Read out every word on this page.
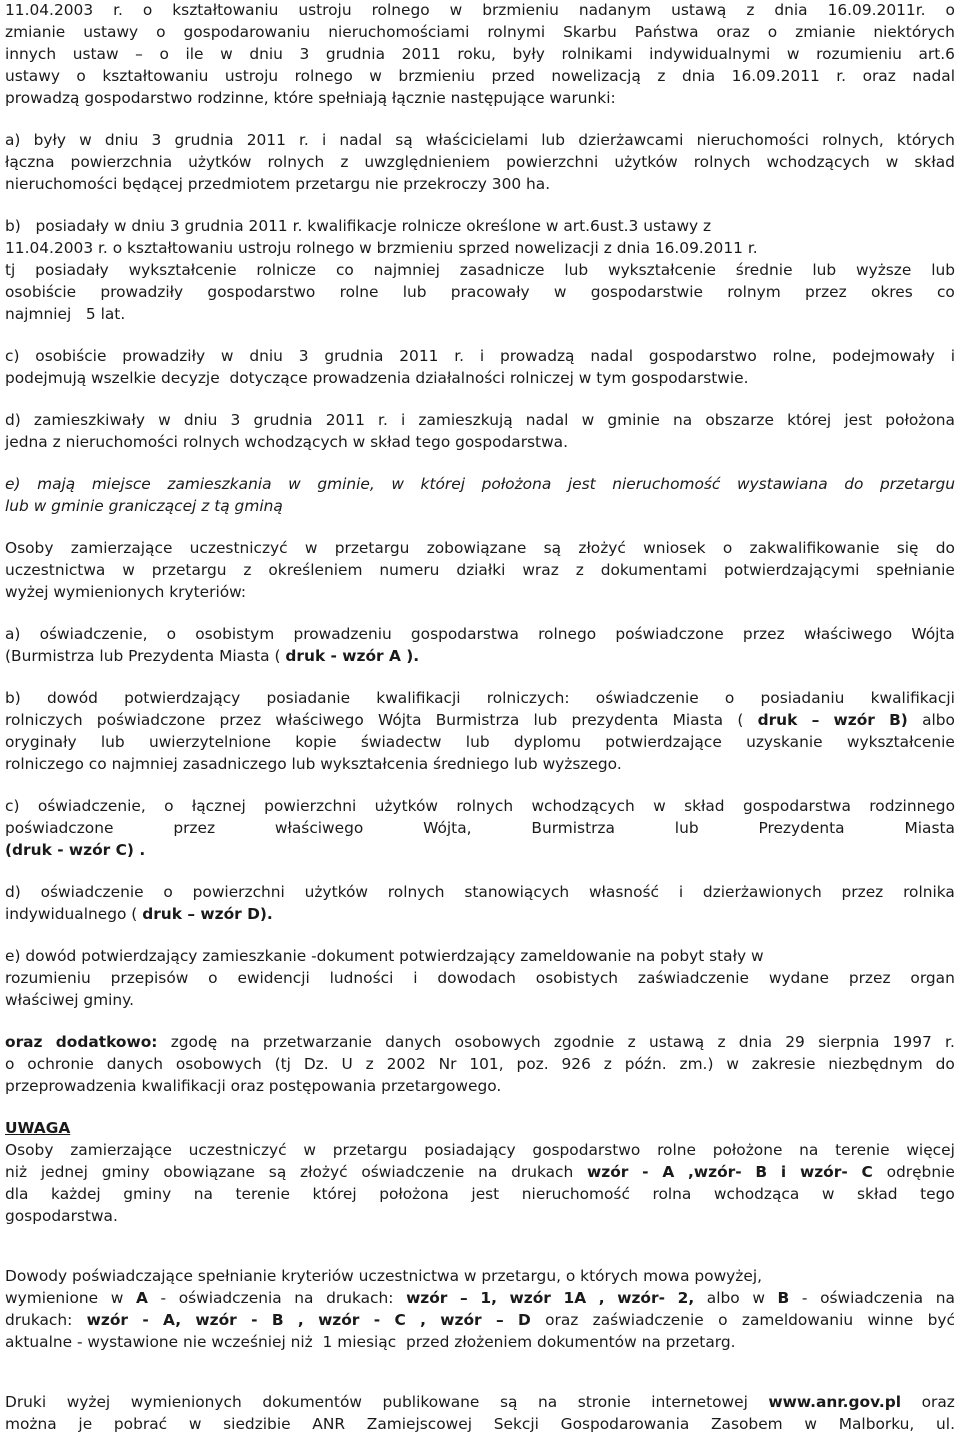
11.04.2003 r. o kształtowaniu ustroju rolnego w brzmieniu nadanym ustawą z dnia 16.09.2011r. o
zmianie ustawy o gospodarowaniu nieruchomościami rolnymi Skarbu Państwa oraz o zmianie niektórych
innych ustaw – o ile w dniu 3 grudnia 2011 roku, były rolnikami indywidualnymi w rozumieniu art.6
ustawy o kształtowaniu ustroju rolnego w brzmieniu przed nowelizacją z dnia 16.09.2011 r. oraz nadal
prowadzą gospodarstwo rodzinne, które spełniają łącznie następujące warunki:
a) były w dniu 3 grudnia 2011 r. i nadal są właścicielami lub dzierżawcami nieruchomości rolnych, których
łączna powierzchnia użytków rolnych z uwzględnieniem powierzchni użytków rolnych wchodzących w skład
nieruchomości będącej przedmiotem przetargu nie przekroczy 300 ha.
b)   posiadały w dniu 3 grudnia 2011 r. kwalifikacje rolnicze określone w art.6ust.3 ustawy z
11.04.2003 r. o kształtowaniu ustroju rolnego w brzmieniu sprzed nowelizacji z dnia 16.09.2011 r.
tj posiadały wykształcenie rolnicze co najmniej zasadnicze lub wykształcenie średnie lub wyższe lub
osobiście prowadziły gospodarstwo rolne lub pracowały w gospodarstwie rolnym przez okres co
najmniej   5 lat.
c) osobiście prowadziły w dniu 3 grudnia 2011 r. i prowadzą nadal gospodarstwo rolne, podejmowały i
podejmują wszelkie decyzje  dotyczące prowadzenia działalności rolniczej w tym gospodarstwie.
d) zamieszkiwały w dniu 3 grudnia 2011 r. i zamieszkują nadal w gminie na obszarze której jest położona
jedna z nieruchomości rolnych wchodzących w skład tego gospodarstwa.
e) mają miejsce zamieszkania w gminie, w której położona jest nieruchomość wystawiana do przetargu
lub w gminie graniczącej z tą gminą
Osoby zamierzające uczestniczyć w przetargu zobowiązane są złożyć wniosek o zakwalifikowanie się do
uczestnictwa w przetargu z określeniem numeru działki wraz z dokumentami potwierdzającymi spełnianie
wyżej wymienionych kryteriów:
a) oświadczenie, o osobistym prowadzeniu gospodarstwa rolnego poświadczone przez właściwego Wójta
(Burmistrza lub Prezydenta Miasta ( druk - wzór A ).
b) dowód potwierdzający posiadanie kwalifikacji rolniczych: oświadczenie o posiadaniu kwalifikacji
rolniczych poświadczone przez właściwego Wójta Burmistrza lub prezydenta Miasta ( druk – wzór B) albo
oryginały lub uwierzytelnione kopie świadectw lub dyplomu potwierdzające uzyskanie wykształcenie
rolniczego co najmniej zasadniczego lub wykształcenia średniego lub wyższego.
c) oświadczenie, o łącznej powierzchni użytków rolnych wchodzących w skład gospodarstwa rodzinnego
poświadczone	przez	właściwego	Wójta,	Burmistrza	lub	Prezydenta	Miasta
(druk - wzór C) .
d) oświadczenie o powierzchni użytków rolnych stanowiących własność i dzierżawionych przez rolnika
indywidualnego ( druk – wzór D).
e) dowód potwierdzający zamieszkanie -dokument potwierdzający zameldowanie na pobyt stały w
rozumieniu przepisów o ewidencji ludności i dowodach osobistych zaświadczenie wydane przez organ
właściwej gminy.
oraz dodatkowo: zgodę na przetwarzanie danych osobowych zgodnie z ustawą z dnia 29 sierpnia 1997 r.
o ochronie danych osobowych (tj Dz. U z 2002 Nr 101, poz. 926 z późn. zm.) w zakresie niezbędnym do
przeprowadzenia kwalifikacji oraz postępowania przetargowego.
UWAGA
Osoby zamierzające uczestniczyć w przetargu posiadający gospodarstwo rolne położone na terenie więcej
niż jednej gminy obowiązane są złożyć oświadczenie na drukach wzór - A ,wzór- B i wzór- C odrębnie
dla każdej gminy na terenie której położona jest nieruchomość rolna wchodząca w skład tego
gospodarstwa.
Dowody poświadczające spełnianie kryteriów uczestnictwa w przetargu, o których mowa powyżej,
wymienione w A - oświadczenia na drukach: wzór – 1, wzór 1A , wzór- 2, albo w B - oświadczenia na
drukach: wzór - A, wzór - B , wzór - C , wzór – D oraz zaświadczenie o zameldowaniu winne być
aktualne - wystawione nie wcześniej niż  1 miesiąc  przed złożeniem dokumentów na przetarg.
Druki wyżej wymienionych dokumentów publikowane są na stronie internetowej www.anr.gov.pl oraz
można je pobrać w siedzibie ANR Zamiejscowej Sekcji Gospodarowania Zasobem w Malborku, ul.
